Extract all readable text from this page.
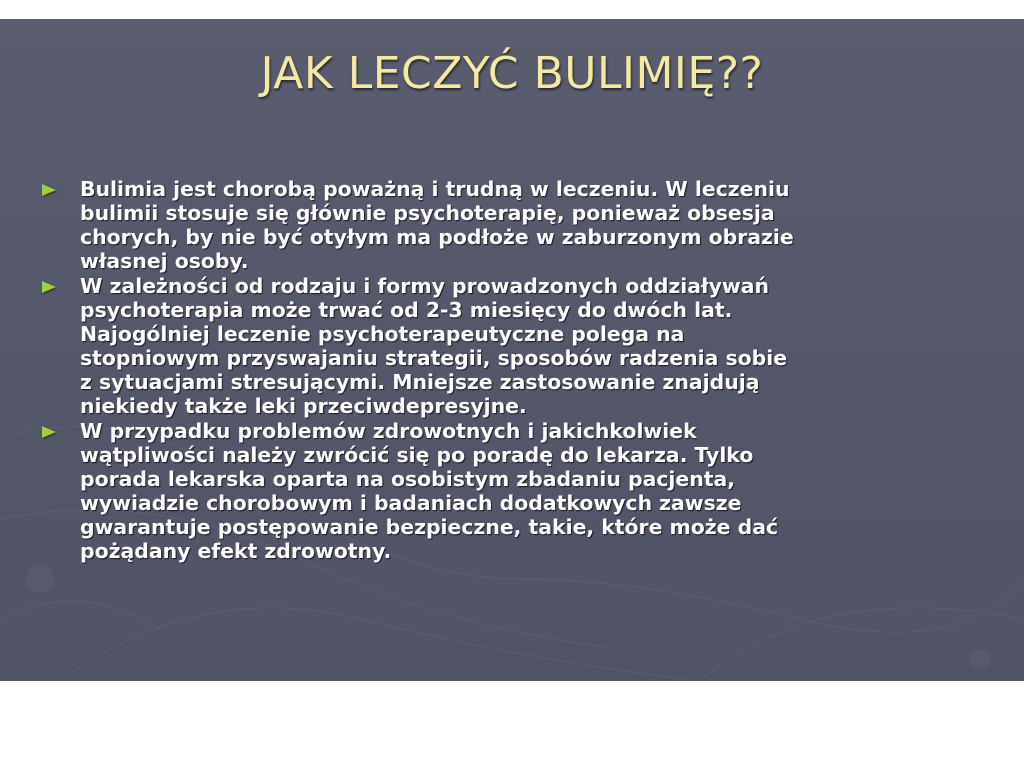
JAK LECZYĆ BULIMIĘ??
Bulimia jest chorobą poważną i trudną w leczeniu. W leczeniu
bulimii stosuje się głównie psychoterapię, ponieważ obsesja
chorych, by nie być otyłym ma podłoże w zaburzonym obrazie
własnej osoby.
W zależności od rodzaju i formy prowadzonych oddziaływań
psychoterapia może trwać od 2-3 miesięcy do dwóch lat.
Najogólniej leczenie psychoterapeutyczne polega na
stopniowym przyswajaniu strategii, sposobów radzenia sobie
z sytuacjami stresującymi. Mniejsze zastosowanie znajdują
niekiedy także leki przeciwdepresyjne.
W przypadku problemów zdrowotnych i jakichkolwiek
wątpliwości należy zwrócić się po poradę do lekarza. Tylko
porada lekarska oparta na osobistym zbadaniu pacjenta,
wywiadzie chorobowym i badaniach dodatkowych zawsze
gwarantuje postępowanie bezpieczne, takie, które może dać
pożądany efekt zdrowotny.
